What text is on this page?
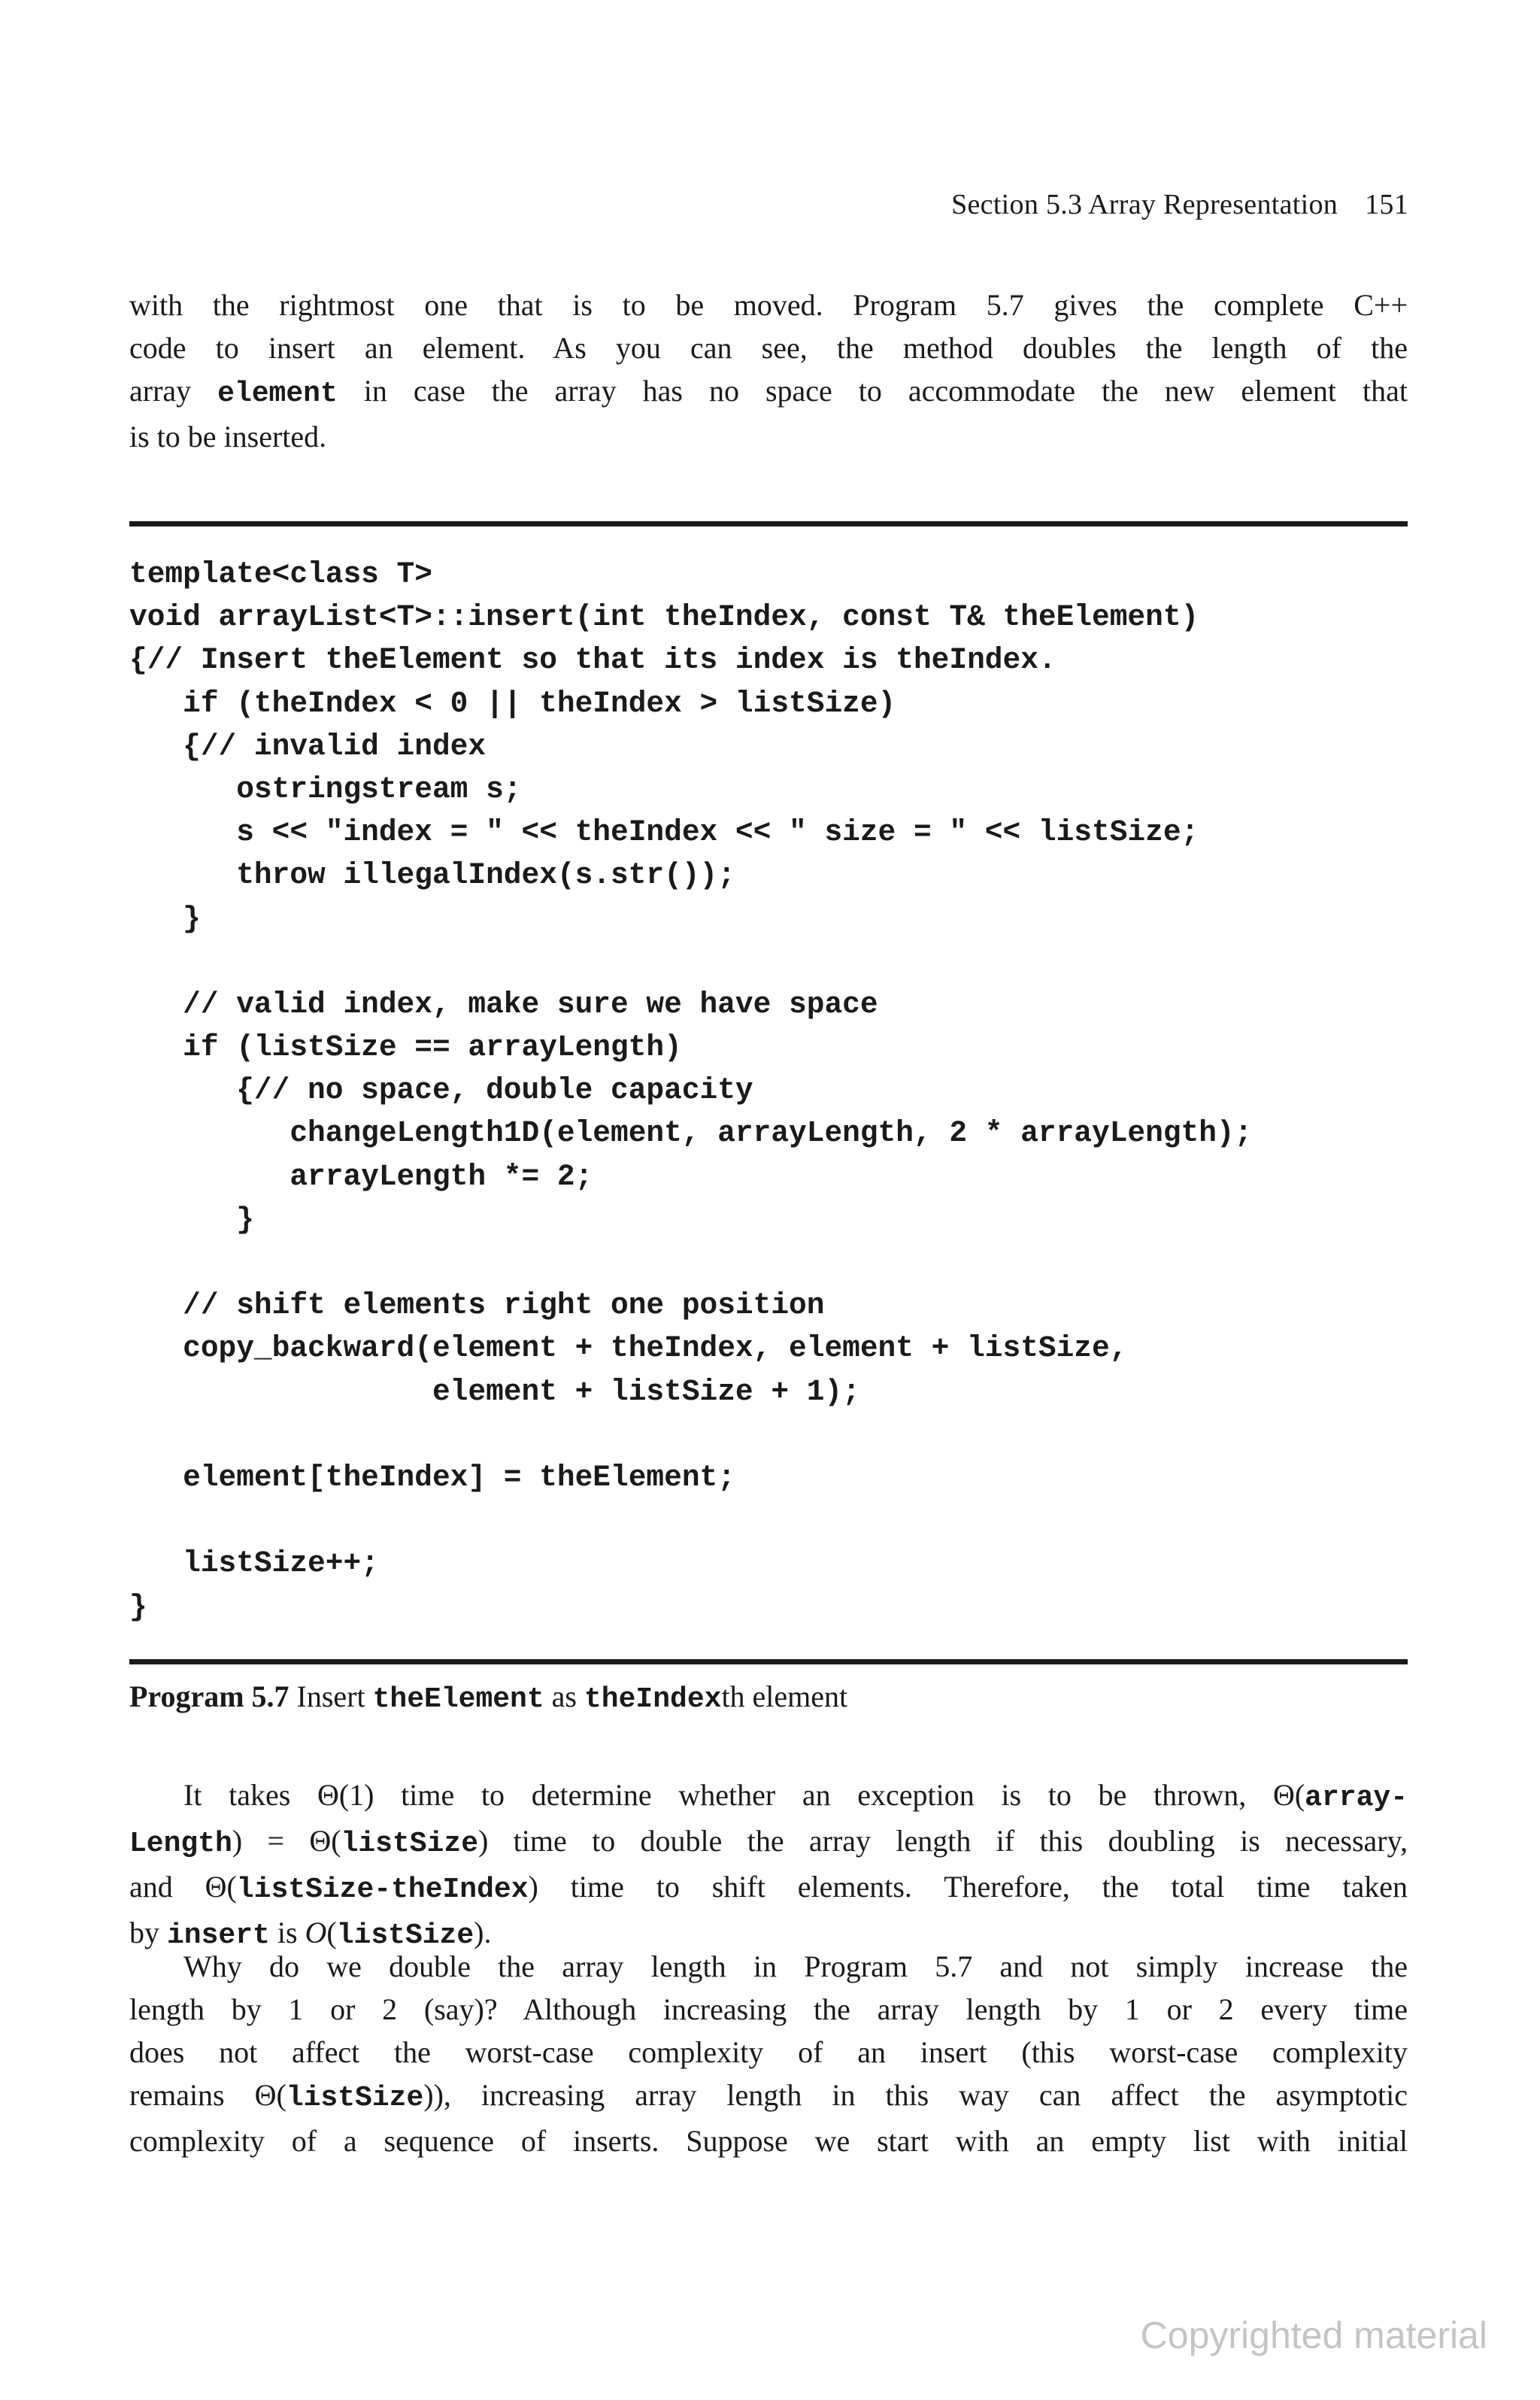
Section 5.3 Array Representation 151
with the rightmost one that is to be moved. Program 5.7 gives the complete C++
code to insert an element. As you can see, the method doubles the length of the
array element in case the array has no space to accommodate the new element that
is to be inserted.
template<class T>
void arrayList<T>::insert(int theIndex, const T& theElement)
{// Insert theElement so that its index is theIndex.
if (theIndex < 0 || theIndex > listSize)
{// invalid index
ostringstream s;
s << "index = " << theIndex << " size = " << listSize;
throw illegalIndex(s.str());
}
// valid index, make sure we have space
if (listSize == arrayLength)
{// no space, double capacity
changeLength1D(element, arrayLength, 2 * arrayLength);
arrayLength *= 2;
}
// shift elements right one position
copy_backward(element + theIndex, element + listSize,
element + listSize + 1);
element[theIndex] = theElement;
listSize++;
}
Program 5.7 Insert theElement as theIndexth element
It takes Θ(1) time to determine whether an exception is to be thrown, Θ(array-
Length) = Θ(listSize) time to double the array length if this doubling is necessary,
and Θ(listSize-theIndex) time to shift elements. Therefore, the total time taken
by insert is O(listSize).
Why do we double the array length in Program 5.7 and not simply increase the
length by 1 or 2 (say)? Although increasing the array length by 1 or 2 every time
does not affect the worst-case complexity of an insert (this worst-case complexity
remains Θ(listSize)), increasing array length in this way can affect the asymptotic
complexity of a sequence of inserts. Suppose we start with an empty list with initial
Copyrighted material
